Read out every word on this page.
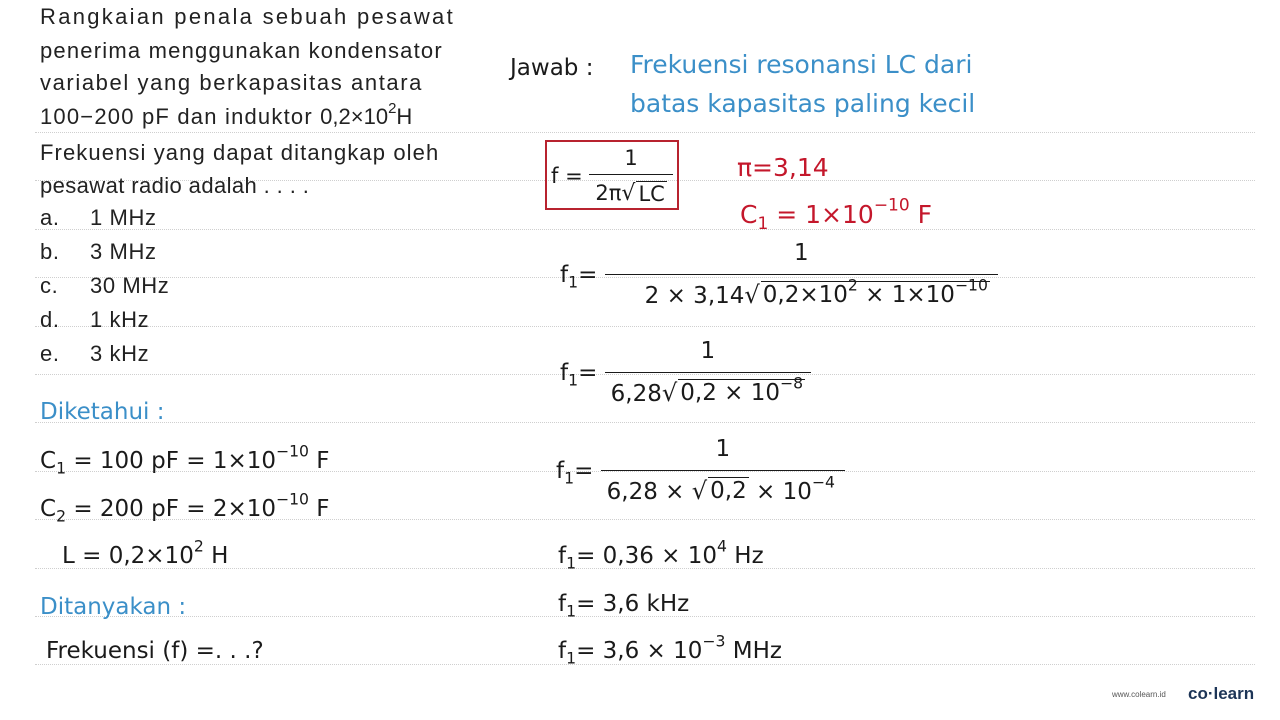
Rangkaian penala sebuah pesawat
penerima menggunakan kondensator
variabel yang berkapasitas antara
100−200 pF dan induktor $0,2\times 10^2H$
Frekuensi yang dapat ditangkap oleh
pesawat radio adalah . . . .
a. 1 MHz
b. 3 MHz
c. 30 MHz
d. 1 kHz
e. 3 kHz
Diketahui :
$C_1 = 100$ pF = $1\times 10^{-10}$ F
$C_2 = 200$ pF = $2\times 10^{-10}$ F
$L = 0,2\times 10^2$ H
Ditanyakan :
Frekuensi (f) =. . .?
Jawab : Frekuensi resonansi LC dari
batas kapasitas paling kecil
$f = \frac{1}{2\pi √ LC}$	π=3,14
$C_1 = 1\times 10^{-10}$ F
$f_1= \frac{1}{2 \times 3,14 √ 0,2\times 10^2 \times 1\times 10^{-10}}$
$f_1= \frac{1}{6,28 √ 0,2 \times 10^{-8}}$
$f_1= \frac{1}{6,28 \times √ 0,2 \times 10^{-4}}$
$f_1= 0,36 \times 10^4$ Hz
$f_1= 3,6$ kHz
$f_1= 3,6 \times 10^{-3}$ MHz
www.colearn.id co·learn
